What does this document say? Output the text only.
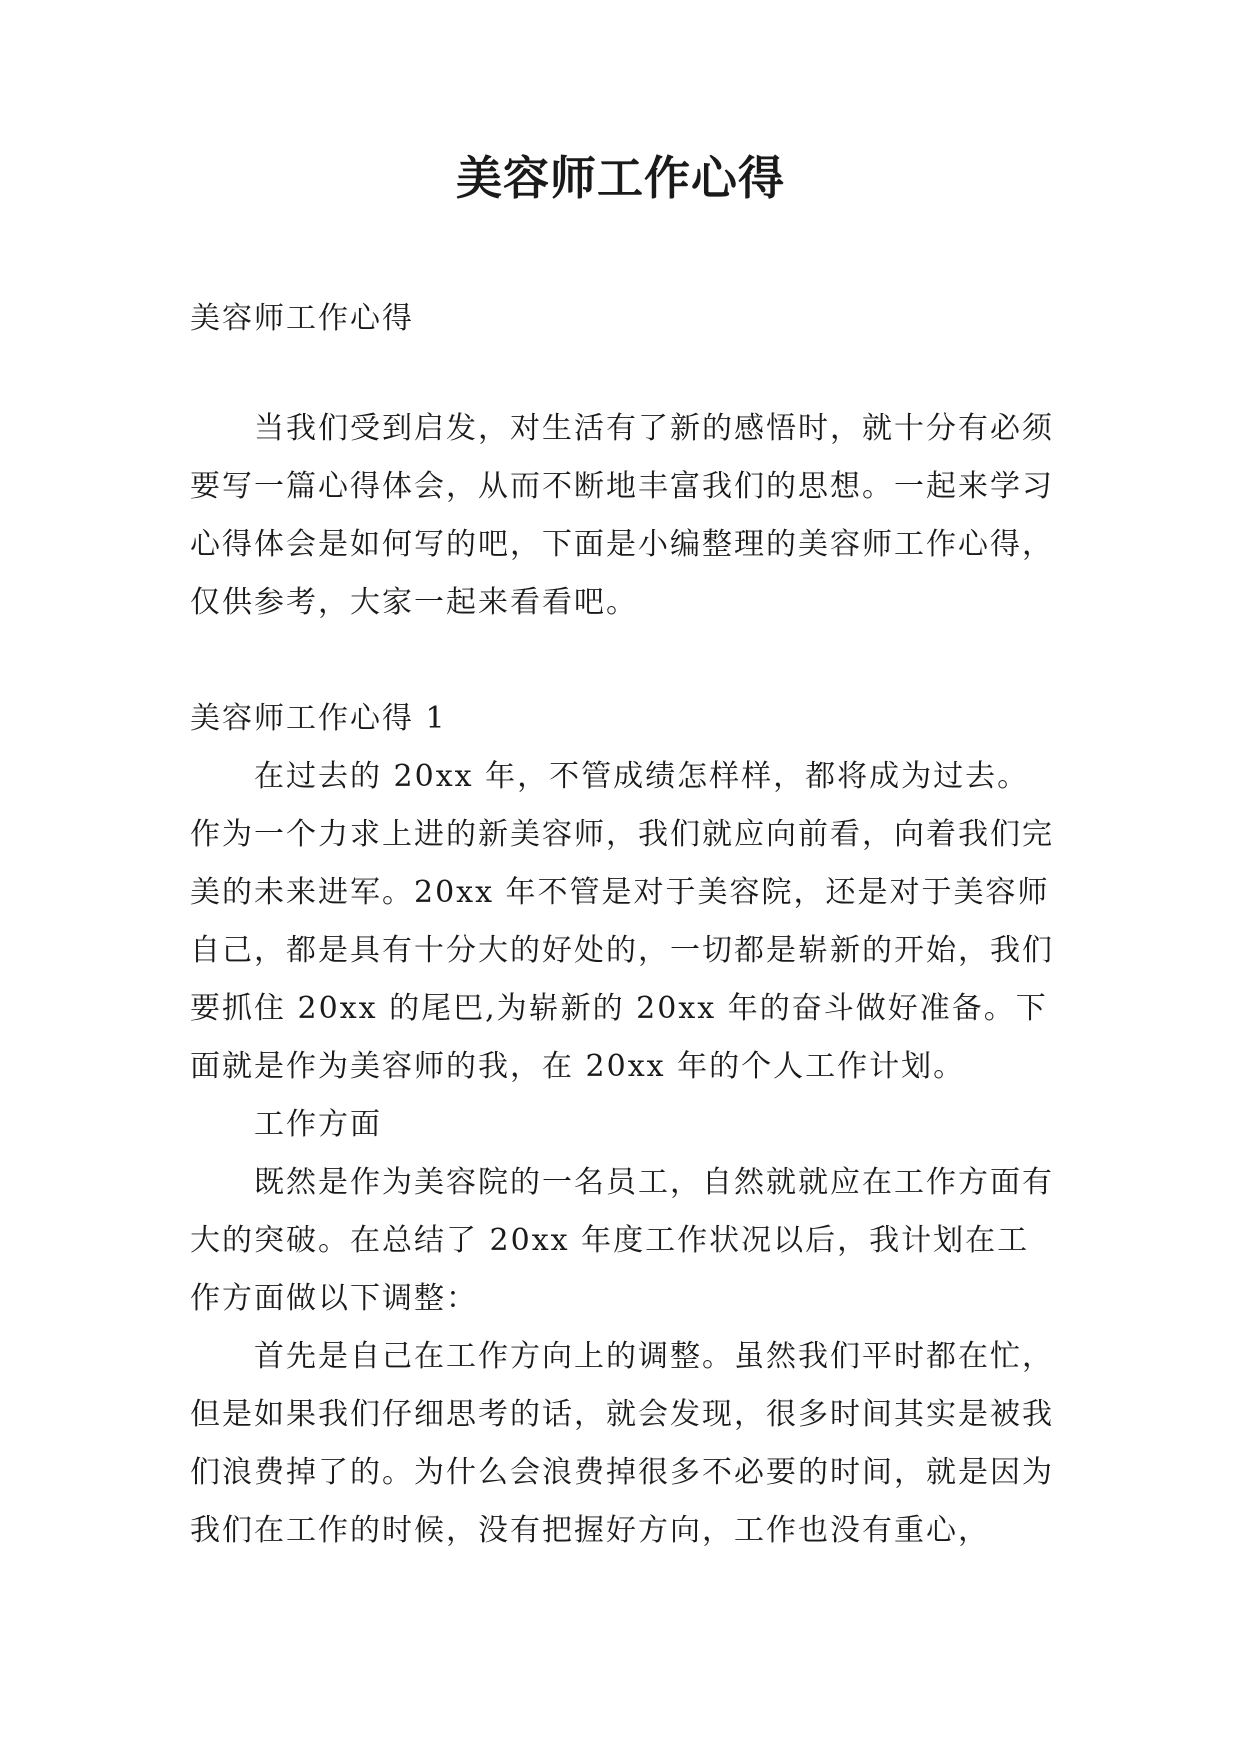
美容师工作心得

美容师工作心得

当我们受到启发，对生活有了新的感悟时，就十分有必须要写一篇心得体会，从而不断地丰富我们的思想。一起来学习心得体会是如何写的吧，下面是小编整理的美容师工作心得，仅供参考，大家一起来看看吧。

美容师工作心得 1

在过去的 20xx 年，不管成绩怎样样，都将成为过去。作为一个力求上进的新美容师，我们就应向前看，向着我们完美的未来进军。20xx 年不管是对于美容院，还是对于美容师自己，都是具有十分大的好处的，一切都是崭新的开始，我们要抓住 20xx 的尾巴,为崭新的 20xx 年的奋斗做好准备。下面就是作为美容师的我，在 20xx 年的个人工作计划。

工作方面

既然是作为美容院的一名员工，自然就就应在工作方面有大的突破。在总结了 20xx 年度工作状况以后，我计划在工作方面做以下调整：

首先是自己在工作方向上的调整。虽然我们平时都在忙，但是如果我们仔细思考的话，就会发现，很多时间其实是被我们浪费掉了的。为什么会浪费掉很多不必要的时间，就是因为我们在工作的时候，没有把握好方向，工作也没有重心，
